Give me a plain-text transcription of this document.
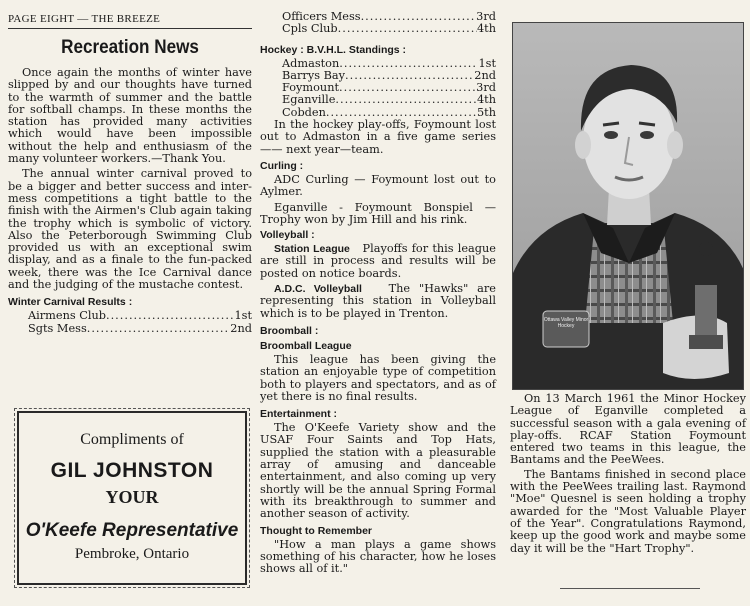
PAGE EIGHT — THE BREEZE
Recreation News

Once again the months of winter have slipped by and our thoughts have turned to the warmth of summer and the battle for softball champs. In these months the station has provided many activities which would have been impossible without the help and enthusiasm of the many volunteer workers.—Thank You.

The annual winter carnival proved to be a bigger and better success and inter-mess competitions a tight battle to the finish with the Airmen's Club again taking the trophy which is symbolic of victory. Also the Peterborough Swimming Club provided us with an exceptional swim display, and as a finale to the fun-packed week, there was the Ice Carnival dance and the judging of the mustache contest.

Winter Carnival Results :
Airmens Club .....	1st
Sgts Mess .....	2nd
Compliments of
GIL JOHNSTON
YOUR
O'Keefe Representative
Pembroke, Ontario
Officers Mess .....	3rd
Cpls Club .....	4th
Hockey : B.V.H.L. Standings :
Admaston .....	1st
Barrys Bay .....	2nd
Foymount .....	3rd
Eganville .....	4th
Cobden .....	5th

In the hockey play-offs, Foymount lost out to Admaston in a five game series —— next year—team.

Curling :

ADC Curling — Foymount lost out to Aylmer.

Eganville - Foymount Bonspiel — Trophy won by Jim Hill and his rink.

Volleyball :

Station League Playoffs for this league are still in process and results will be posted on notice boards.

A.D.C. Volleyball The "Hawks" are representing this station in Volleyball which is to be played in Trenton.

Broomball :
Broomball League

This league has been giving the station an enjoyable type of competition both to players and spectators, and as of yet there is no final results.

Entertainment :

The O'Keefe Variety show and the USAF Four Saints and Top Hats, supplied the station with a pleasurable array of amusing and danceable entertainment, and also coming up very shortly will be the annual Spring Formal with its breakthrough to summer and another season of activity.

Thought to Remember

"How a man plays a game shows something of his character, how he loses shows all of it."

Ottawa Valley Minor Hockey

On 13 March 1961 the Minor Hockey League of Eganville completed a successful season with a gala evening of play-offs. RCAF Station Foymount entered two teams in this league, the Bantams and the PeeWees.

The Bantams finished in second place with the PeeWees trailing last. Raymond "Moe" Quesnel is seen holding a trophy awarded for the "Most Valuable Player of the Year". Congratulations Raymond, keep up the good work and maybe some day it will be the "Hart Trophy".
